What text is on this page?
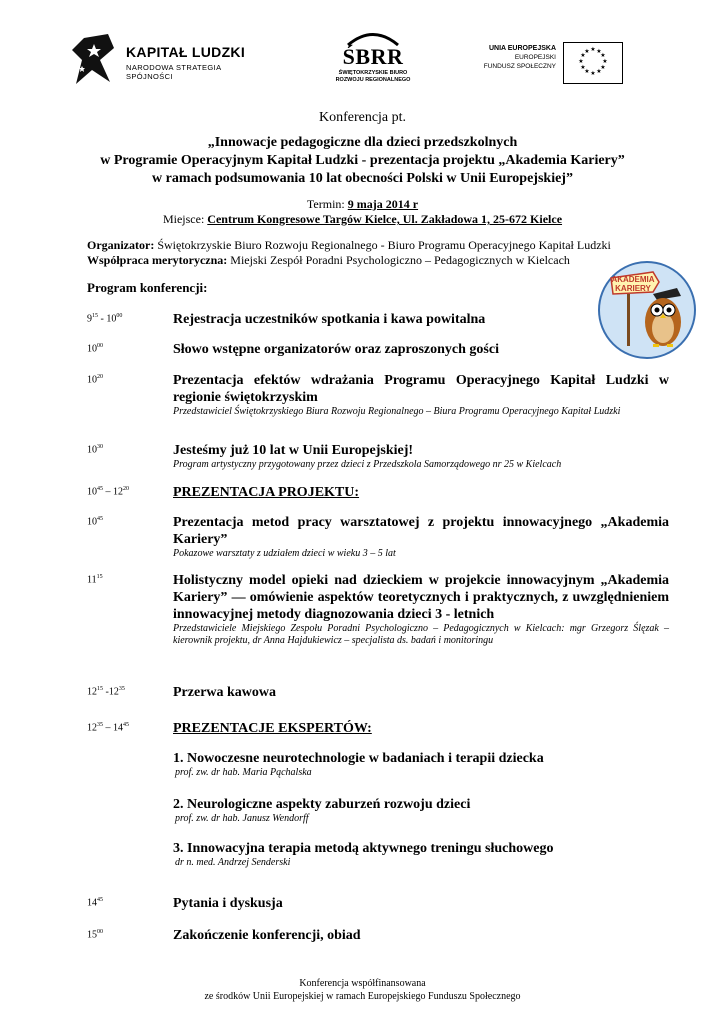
KAPITAŁ LUDZKI
NARODOWA STRATEGIA SPÓJNOŚCI
ŚBRR
ŚWIĘTOKRZYSKIE BIURO
ROZWOJU REGIONALNEGO
UNIA EUROPEJSKA
EUROPEJSKI
FUNDUSZ SPOŁECZNY
★ ★
★
★
★
★
★
★
★
★
★
★
Konferencja pt.
„Innowacje pedagogiczne dla dzieci przedszkolnych
w Programie Operacyjnym Kapitał Ludzki - prezentacja projektu „Akademia Kariery”
w ramach podsumowania 10 lat obecności Polski w Unii Europejskiej”
Termin: 9 maja 2014 r
Miejsce: Centrum Kongresowe Targów Kielce, Ul. Zakładowa 1, 25-672 Kielce
Organizator: Świętokrzyskie Biuro Rozwoju Regionalnego - Biuro Programu Operacyjnego Kapitał Ludzki
Współpraca merytoryczna: Miejski Zespół Poradni Psychologiczno – Pedagogicznych w Kielcach
Program konferencji:
AKADEMIA
KARIERY
$9^{15} - 10^{00}$	Rejestracja uczestników spotkania i kawa powitalna
$10^{00}$	Słowo wstępne organizatorów oraz zaproszonych gości
$10^{20}$	Prezentacja efektów wdrażania Programu Operacyjnego Kapitał Ludzki w regionie świętokrzyskim
Przedstawiciel Świętokrzyskiego Biura Rozwoju Regionalnego – Biura Programu Operacyjnego Kapitał Ludzki
$10^{30}$	Jesteśmy już 10 lat w Unii Europejskiej!
Program artystyczny przygotowany przez dzieci z Przedszkola Samorządowego nr 25 w Kielcach
$10^{45} - 12^{20}$	PREZENTACJA PROJEKTU:
$10^{45}$	Prezentacja metod pracy warsztatowej z projektu innowacyjnego „Akademia Kariery”
Pokazowe warsztaty z udziałem dzieci w wieku 3 – 5 lat
$11^{15}$	Holistyczny model opieki nad dzieckiem w projekcie innowacyjnym „Akademia Kariery” — omówienie aspektów teoretycznych i praktycznych, z uwzględnieniem innowacyjnej metody diagnozowania dzieci 3 - letnich
Przedstawiciele Miejskiego Zespołu Poradni Psychologiczno – Pedagogicznych w Kielcach: mgr Grzegorz Ślęzak – kierownik projektu, dr Anna Hajdukiewicz – specjalista ds. badań i monitoringu
$12^{15}$ $-12^{35}$	Przerwa kawowa
$12^{35} - 14^{45}$	PREZENTACJE EKSPERTÓW:
1. Nowoczesne neurotechnologie w badaniach i terapii dziecka
prof. zw. dr hab. Maria Pąchalska
2. Neurologiczne aspekty zaburzeń rozwoju dzieci
prof. zw. dr hab. Janusz Wendorff
3. Innowacyjna terapia metodą aktywnego treningu słuchowego
dr n. med. Andrzej Senderski
$14^{45}$	Pytania i dyskusja
$15^{00}$	Zakończenie konferencji, obiad
Konferencja współfinansowana
ze środków Unii Europejskiej w ramach Europejskiego Funduszu Społecznego
